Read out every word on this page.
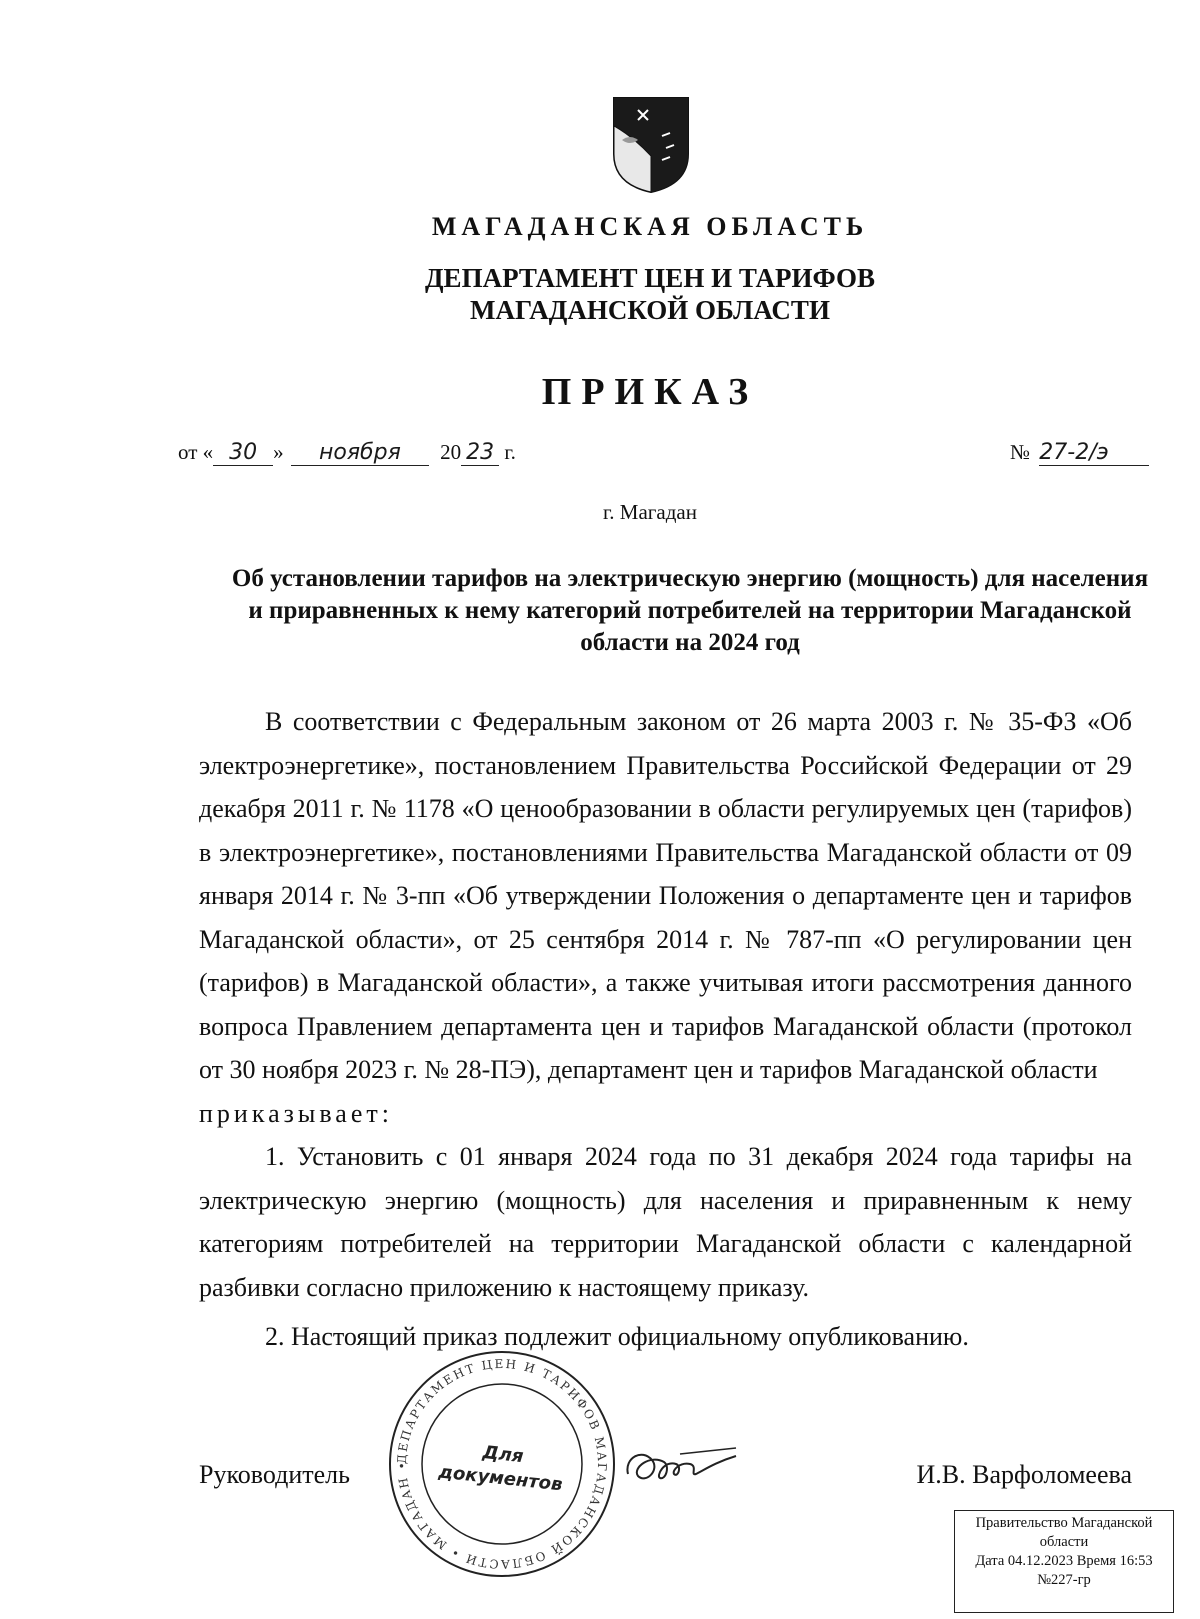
МАГАДАНСКАЯ ОБЛАСТЬ
ДЕПАРТАМЕНТ ЦЕН И ТАРИФОВ
МАГАДАНСКОЙ ОБЛАСТИ
ПРИКАЗ
от « 30 » ноября 20 23 г.	№ 27-2/э
г. Магадан
Об установлении тарифов на электрическую энергию (мощность) для населения и приравненных к нему категорий потребителей на территории Магаданской области на 2024 год

В соответствии с Федеральным законом от 26 марта 2003 г. № 35-ФЗ «Об электроэнергетике», постановлением Правительства Российской Федерации от 29 декабря 2011 г. № 1178 «О ценообразовании в области регулируемых цен (тарифов) в электроэнергетике», постановлениями Правительства Магаданской области от 09 января 2014 г. № 3-пп «Об утверждении Положения о департаменте цен и тарифов Магаданской области», от 25 сентября 2014 г. № 787-пп «О регулировании цен (тарифов) в Магаданской области», а также учитывая итоги рассмотрения данного вопроса Правлением департамента цен и тарифов Магаданской области (протокол от 30 ноября 2023 г. № 28-ПЭ), департамент цен и тарифов Магаданской области

приказывает:

1. Установить с 01 января 2024 года по 31 декабря 2024 года тарифы на электрическую энергию (мощность) для населения и приравненным к нему категориям потребителей на территории Магаданской области с календарной разбивки согласно приложению к настоящему приказу.

2. Настоящий приказ подлежит официальному опубликованию.

Руководитель	И.В. Варфоломеева
ДЕПАРТАМЕНТ ЦЕН И ТАРИФОВ МАГАДАНСКОЙ ОБЛАСТИ • МАГАДАН •	Для
документов
Правительство Магаданской
области
Дата 04.12.2023 Время 16:53
№227-гр
